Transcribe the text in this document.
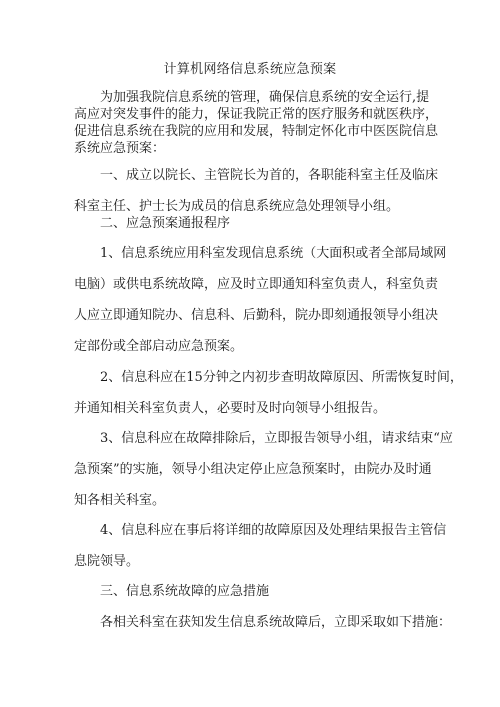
计算机网络信息系统应急预案
为加强我院信息系统的管理，确保信息系统的安全运行,提
高应对突发事件的能力，保证我院正常的医疗服务和就医秩序，
促进信息系统在我院的应用和发展，特制定怀化市中医医院信息
系统应急预案：
一、成立以院长、主管院长为首的，各职能科室主任及临床
科室主任、护士长为成员的信息系统应急处理领导小组。
二、应急预案通报程序
1、信息系统应用科室发现信息系统（大面积或者全部局域网
电脑）或供电系统故障，应及时立即通知科室负责人，科室负责
人应立即通知院办、信息科、后勤科，院办即刻通报领导小组决
定部份或全部启动应急预案。
2、信息科应在15分钟之内初步查明故障原因、所需恢复时间，
并通知相关科室负责人，必要时及时向领导小组报告。
3、信息科应在故障排除后，立即报告领导小组，请求结束“应
急预案”的实施，领导小组决定停止应急预案时，由院办及时通
知各相关科室。
4、信息科应在事后将详细的故障原因及处理结果报告主管信
息院领导。
三、信息系统故障的应急措施
各相关科室在获知发生信息系统故障后，立即采取如下措施：
